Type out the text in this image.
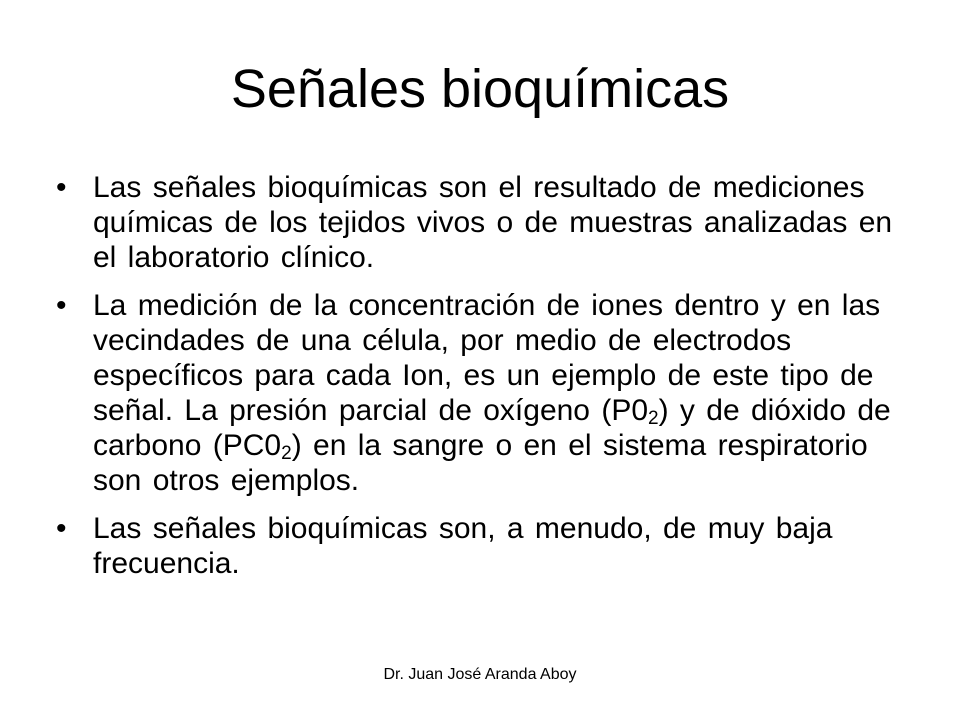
Señales bioquímicas
• Las señales bioquímicas son el resultado de mediciones químicas de los tejidos vivos o de muestras analizadas en el laboratorio clínico.
• La medición de la concentración de iones dentro y en las vecindades de una célula, por medio de electrodos específicos para cada Ion, es un ejemplo de este tipo de señal. La presión parcial de oxígeno $(P0_2)$ y de dióxido de carbono $(PC0_2)$ en la sangre o en el sistema respiratorio son otros ejemplos.
• Las señales bioquímicas son, a menudo, de muy baja frecuencia.
Dr. Juan José Aranda Aboy
